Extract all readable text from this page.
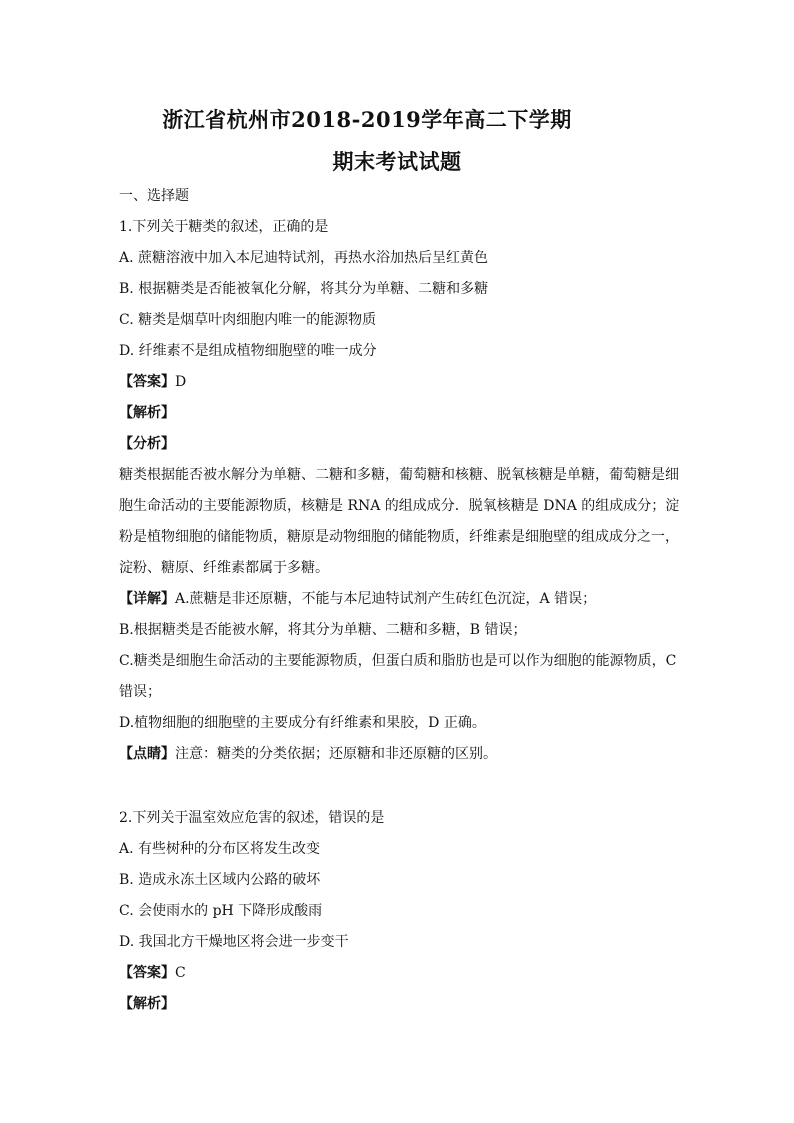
浙江省杭州市2018-2019学年高二下学期
期末考试试题
一、选择题
1.下列关于糖类的叙述，正确的是
A. 蔗糖溶液中加入本尼迪特试剂，再热水浴加热后呈红黄色
B. 根据糖类是否能被氧化分解，将其分为单糖、二糖和多糖
C. 糖类是烟草叶肉细胞内唯一的能源物质
D. 纤维素不是组成植物细胞壁的唯一成分
【答案】D
【解析】
【分析】
糖类根据能否被水解分为单糖、二糖和多糖，葡萄糖和核糖、脱氧核糖是单糖，葡萄糖是细
胞生命活动的主要能源物质，核糖是 RNA 的组成成分．脱氧核糖是 DNA 的组成成分；淀
粉是植物细胞的储能物质，糖原是动物细胞的储能物质，纤维素是细胞壁的组成成分之一，
淀粉、糖原、纤维素都属于多糖。
【详解】A.蔗糖是非还原糖，不能与本尼迪特试剂产生砖红色沉淀，A 错误；
B.根据糖类是否能被水解，将其分为单糖、二糖和多糖，B 错误；
C.糖类是细胞生命活动的主要能源物质，但蛋白质和脂肪也是可以作为细胞的能源物质，C
错误；
D.植物细胞的细胞壁的主要成分有纤维素和果胶，D 正确。
【点睛】注意：糖类的分类依据；还原糖和非还原糖的区别。
2.下列关于温室效应危害的叙述，错误的是
A. 有些树种的分布区将发生改变
B. 造成永冻土区域内公路的破坏
C. 会使雨水的 pH 下降形成酸雨
D. 我国北方干燥地区将会进一步变干
【答案】C
【解析】
